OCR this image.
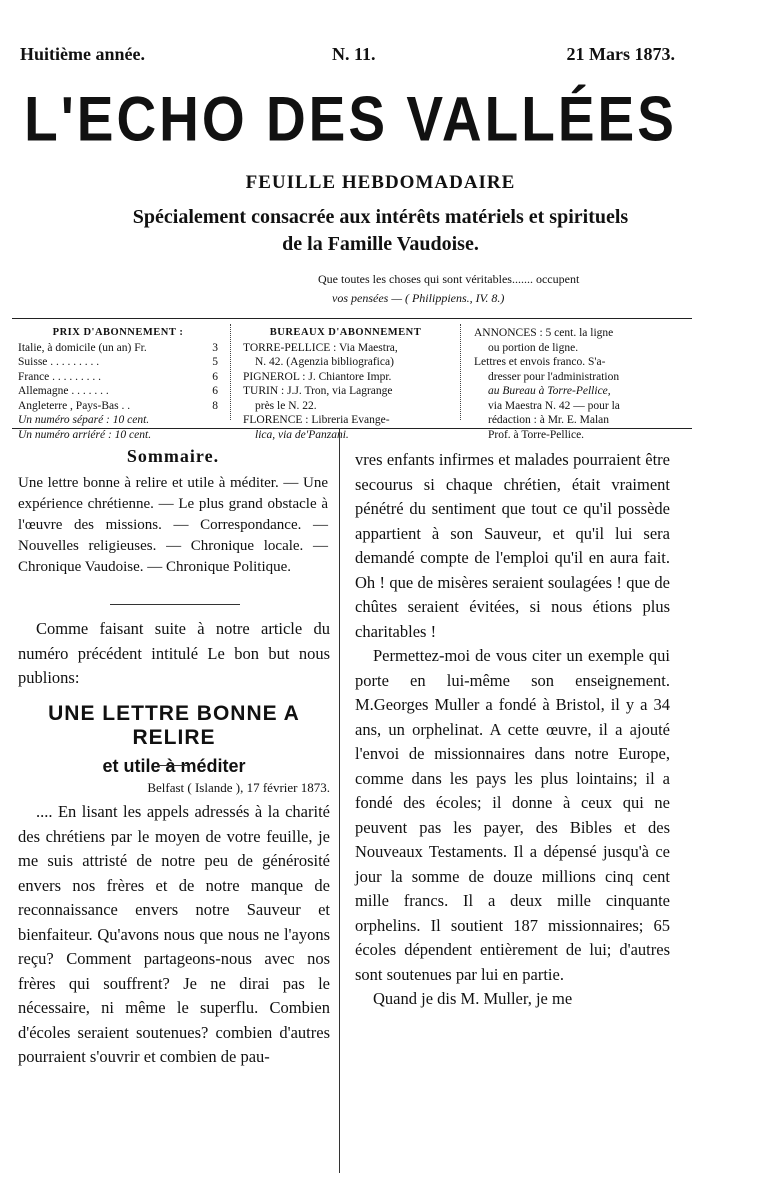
Huitième année.	N. 11.	21 Mars 1873.
L'ECHO DES VALLÉES
FEUILLE HEBDOMADAIRE
Spécialement consacrée aux intérêts matériels et spirituels
de la Famille Vaudoise.
Que toutes les choses qui sont véritables....... occupent
vos pensées — ( Philippiens., IV. 8.)
PRIX D'ABONNEMENT :
Italie, à domicile (un an) Fr.	3
Suisse . . . . . . . . .	5
France . . . . . . . . .	6
Allemagne . . . . . . .	6
Angleterre , Pays-Bas . .	8
Un numéro séparé : 10 cent.
Un numéro arriéré : 10 cent.
BUREAUX D'ABONNEMENT
TORRE-PELLICE : Via Maestra,
N. 42. (Agenzia bibliografica)
PIGNEROL : J. Chiantore Impr.
TURIN : J.J. Tron, via Lagrange
près le N. 22.
FLORENCE : Libreria Evange-
lica, via de'Panzani.
ANNONCES : 5 cent. la ligne
ou portion de ligne.
Lettres et envois franco. S'a-
dresser pour l'administration
au Bureau à Torre-Pellice,
via Maestra N. 42 — pour la
rédaction : à Mr. E. Malan
Prof. à Torre-Pellice.
Sommaire.

Une lettre bonne à relire et utile à méditer. — Une expérience chrétienne. — Le plus grand obstacle à l'œuvre des missions. — Correspondance. — Nouvelles religieuses. — Chronique locale. — Chronique Vaudoise. — Chronique Politique.

Comme faisant suite à notre article du numéro précédent intitulé Le bon but nous publions:

UNE LETTRE BONNE A RELIRE
et utile à méditer
Belfast ( Islande ), 17 février 1873.

.... En lisant les appels adressés à la charité des chrétiens par le moyen de votre feuille, je me suis attristé de notre peu de générosité envers nos frères et de notre manque de reconnaissance envers notre Sauveur et bienfaiteur. Qu'avons nous que nous ne l'ayons reçu? Comment partageons-nous avec nos frères qui souffrent? Je ne dirai pas le nécessaire, ni même le superflu. Combien d'écoles seraient soutenues? combien d'autres pourraient s'ouvrir et combien de pau-

vres enfants infirmes et malades pourraient être secourus si chaque chrétien, était vraiment pénétré du sentiment que tout ce qu'il possède appartient à son Sauveur, et qu'il lui sera demandé compte de l'emploi qu'il en aura fait. Oh ! que de misères seraient soulagées ! que de chûtes seraient évitées, si nous étions plus charitables !

Permettez-moi de vous citer un exemple qui porte en lui-même son enseignement. M.Georges Muller a fondé à Bristol, il y a 34 ans, un orphelinat. A cette œuvre, il a ajouté l'envoi de missionnaires dans notre Europe, comme dans les pays les plus lointains; il a fondé des écoles; il donne à ceux qui ne peuvent pas les payer, des Bibles et des Nouveaux Testaments. Il a dépensé jusqu'à ce jour la somme de douze millions cinq cent mille francs. Il a deux mille cinquante orphelins. Il soutient 187 missionnaires; 65 écoles dépendent entièrement de lui; d'autres sont soutenues par lui en partie.

Quand je dis M. Muller, je me
